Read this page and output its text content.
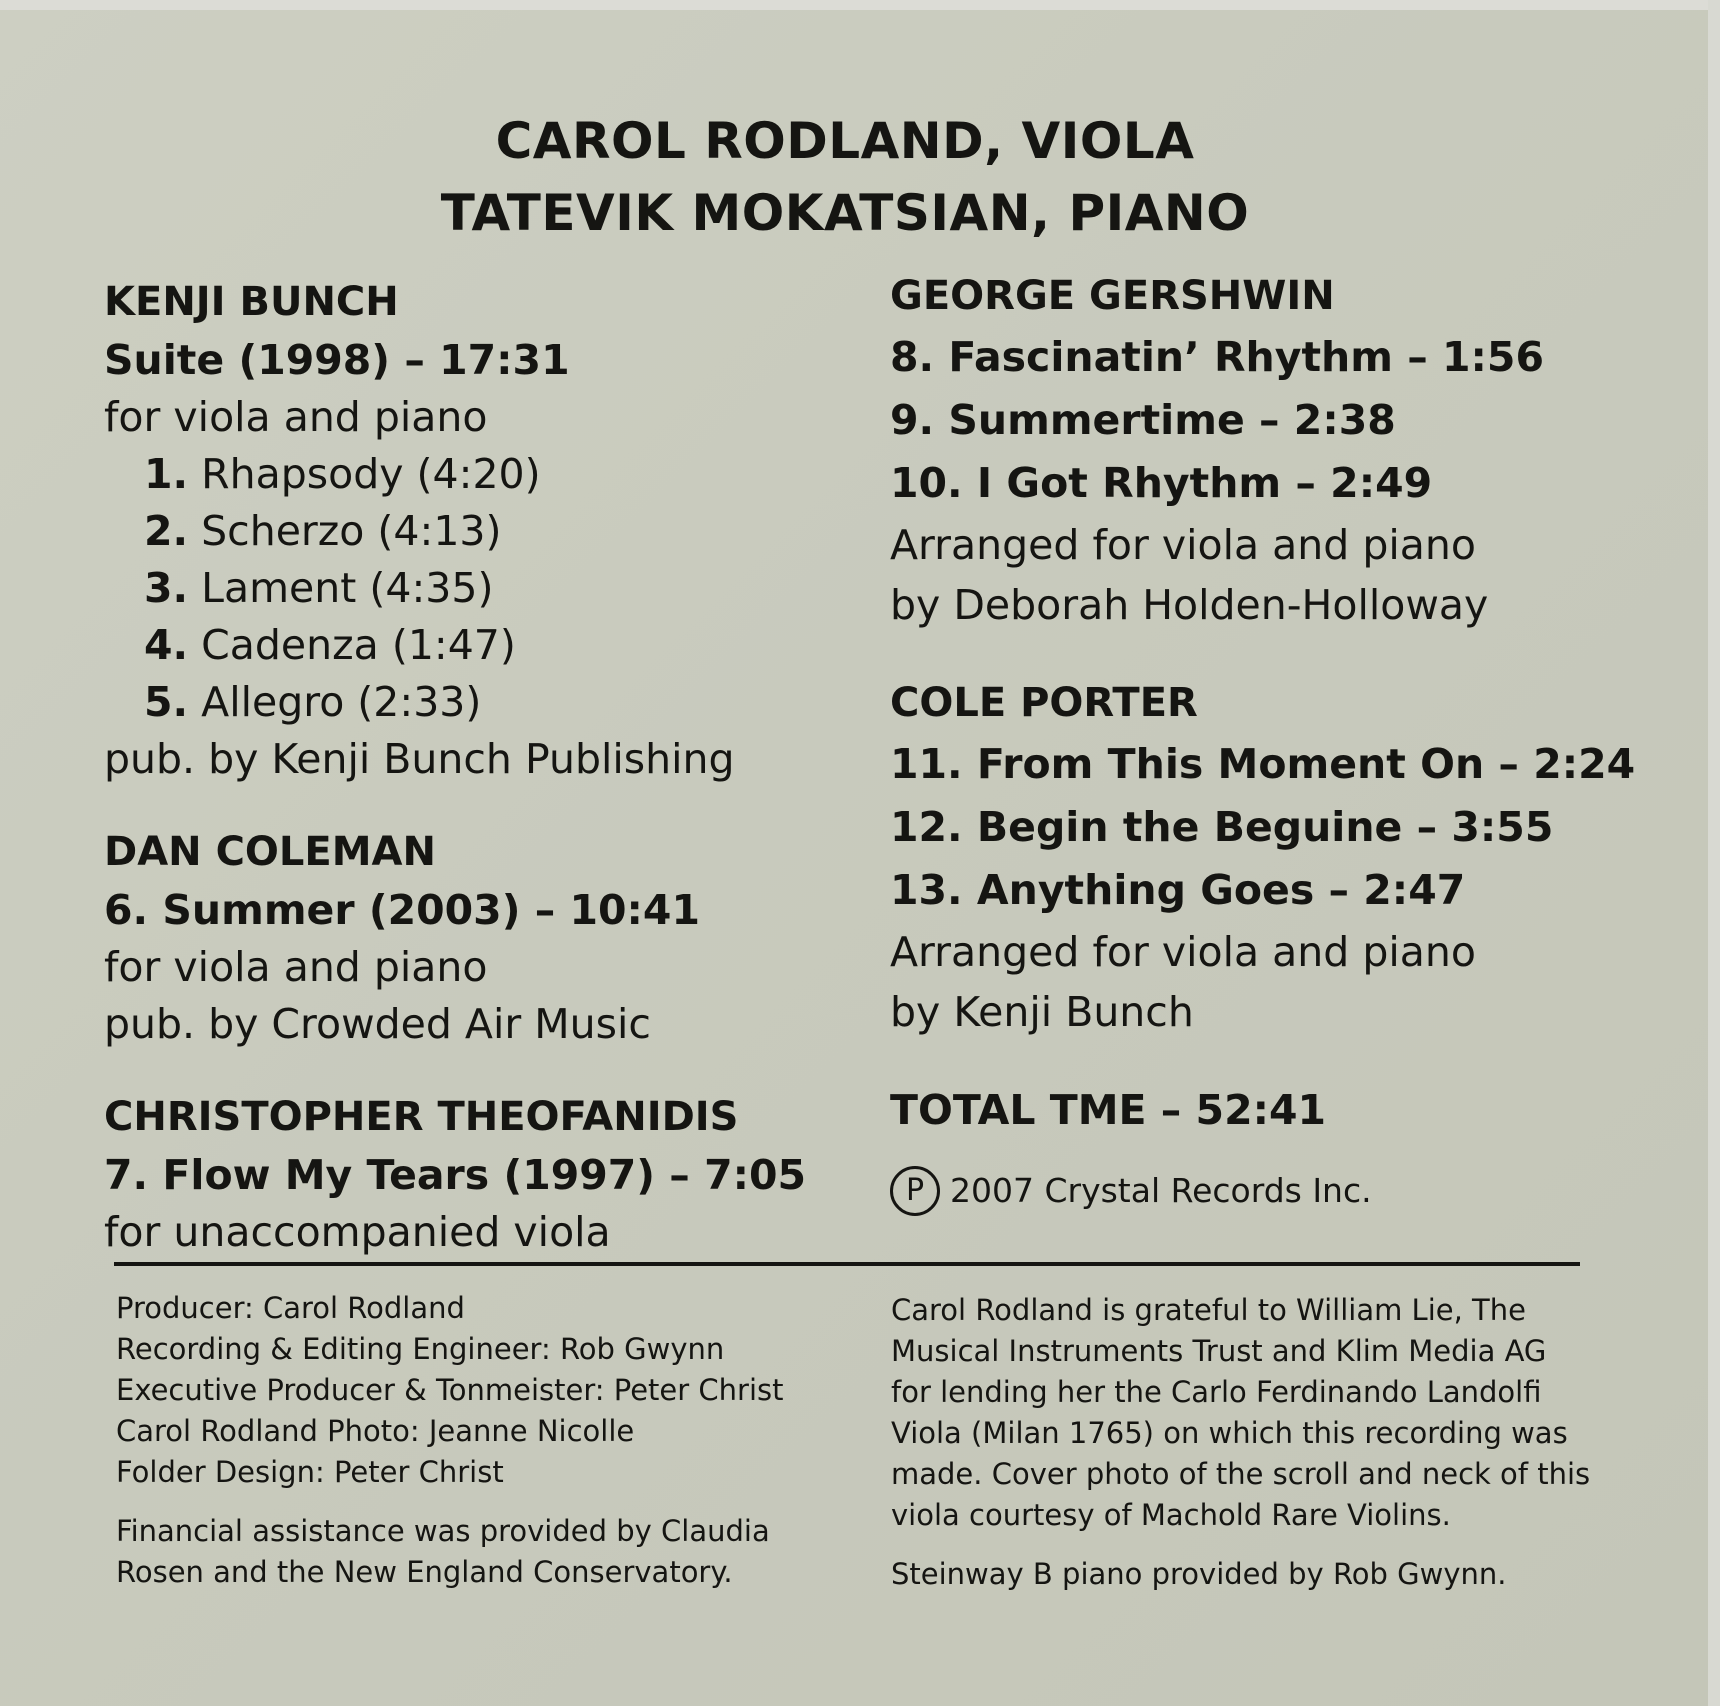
CAROL RODLAND, VIOLA
TATEVIK MOKATSIAN, PIANO
KENJI BUNCH
Suite (1998) – 17:31
for viola and piano
1. Rhapsody (4:20)
2. Scherzo (4:13)
3. Lament (4:35)
4. Cadenza (1:47)
5. Allegro (2:33)
pub. by Kenji Bunch Publishing
DAN COLEMAN
6. Summer (2003) – 10:41
for viola and piano
pub. by Crowded Air Music
CHRISTOPHER THEOFANIDIS
7. Flow My Tears (1997) – 7:05
for unaccompanied viola
GEORGE GERSHWIN
8. Fascinatin’ Rhythm – 1:56
9. Summertime – 2:38
10. I Got Rhythm – 2:49
Arranged for viola and piano
by Deborah Holden-Holloway
COLE PORTER
11. From This Moment On – 2:24
12. Begin the Beguine – 3:55
13. Anything Goes – 2:47
Arranged for viola and piano
by Kenji Bunch
TOTAL TME – 52:41
P 2007 Crystal Records Inc.
Producer: Carol Rodland
Recording & Editing Engineer: Rob Gwynn
Executive Producer & Tonmeister: Peter Christ
Carol Rodland Photo: Jeanne Nicolle
Folder Design: Peter Christ
Financial assistance was provided by Claudia
Rosen and the New England Conservatory.
Carol Rodland is grateful to William Lie, The
Musical Instruments Trust and Klim Media AG
for lending her the Carlo Ferdinando Landolfi
Viola (Milan 1765) on which this recording was
made. Cover photo of the scroll and neck of this
viola courtesy of Machold Rare Violins.
Steinway B piano provided by Rob Gwynn.
